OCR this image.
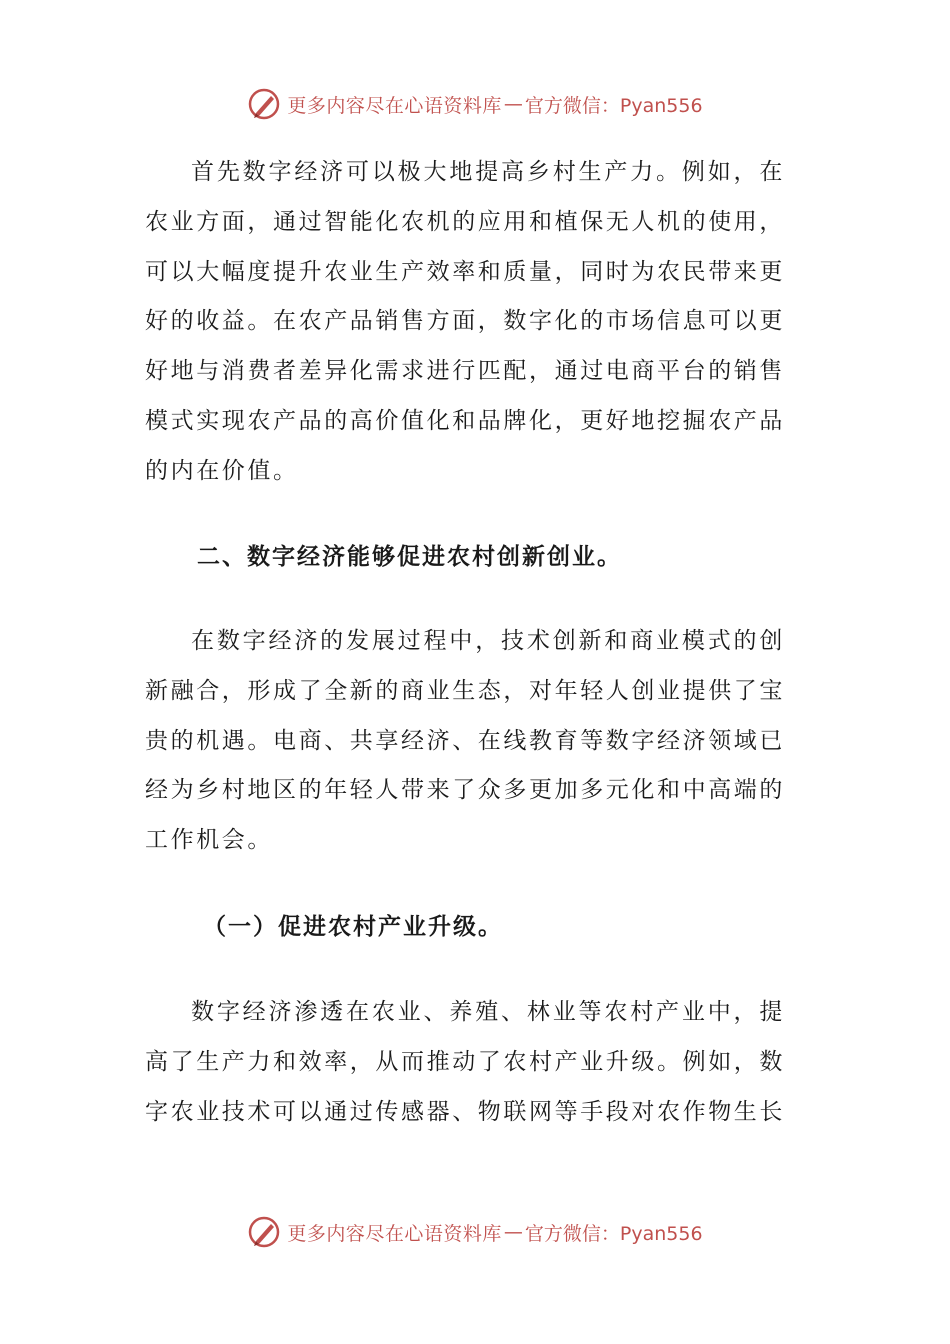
更多内容尽在心语资料库 — 官方微信：Pyan556

首先数字经济可以极大地提高乡村生产力。例如，在农业方面，通过智能化农机的应用和植保无人机的使用，可以大幅度提升农业生产效率和质量，同时为农民带来更好的收益。在农产品销售方面，数字化的市场信息可以更好地与消费者差异化需求进行匹配，通过电商平台的销售模式实现农产品的高价值化和品牌化，更好地挖掘农产品的内在价值。

二、数字经济能够促进农村创新创业。

在数字经济的发展过程中，技术创新和商业模式的创新融合，形成了全新的商业生态，对年轻人创业提供了宝贵的机遇。电商、共享经济、在线教育等数字经济领域已经为乡村地区的年轻人带来了众多更加多元化和中高端的工作机会。

（一）促进农村产业升级。

数字经济渗透在农业、养殖、林业等农村产业中，提高了生产力和效率，从而推动了农村产业升级。例如，数字农业技术可以通过传感器、物联网等手段对农作物生长

更多内容尽在心语资料库 — 官方微信：Pyan556
